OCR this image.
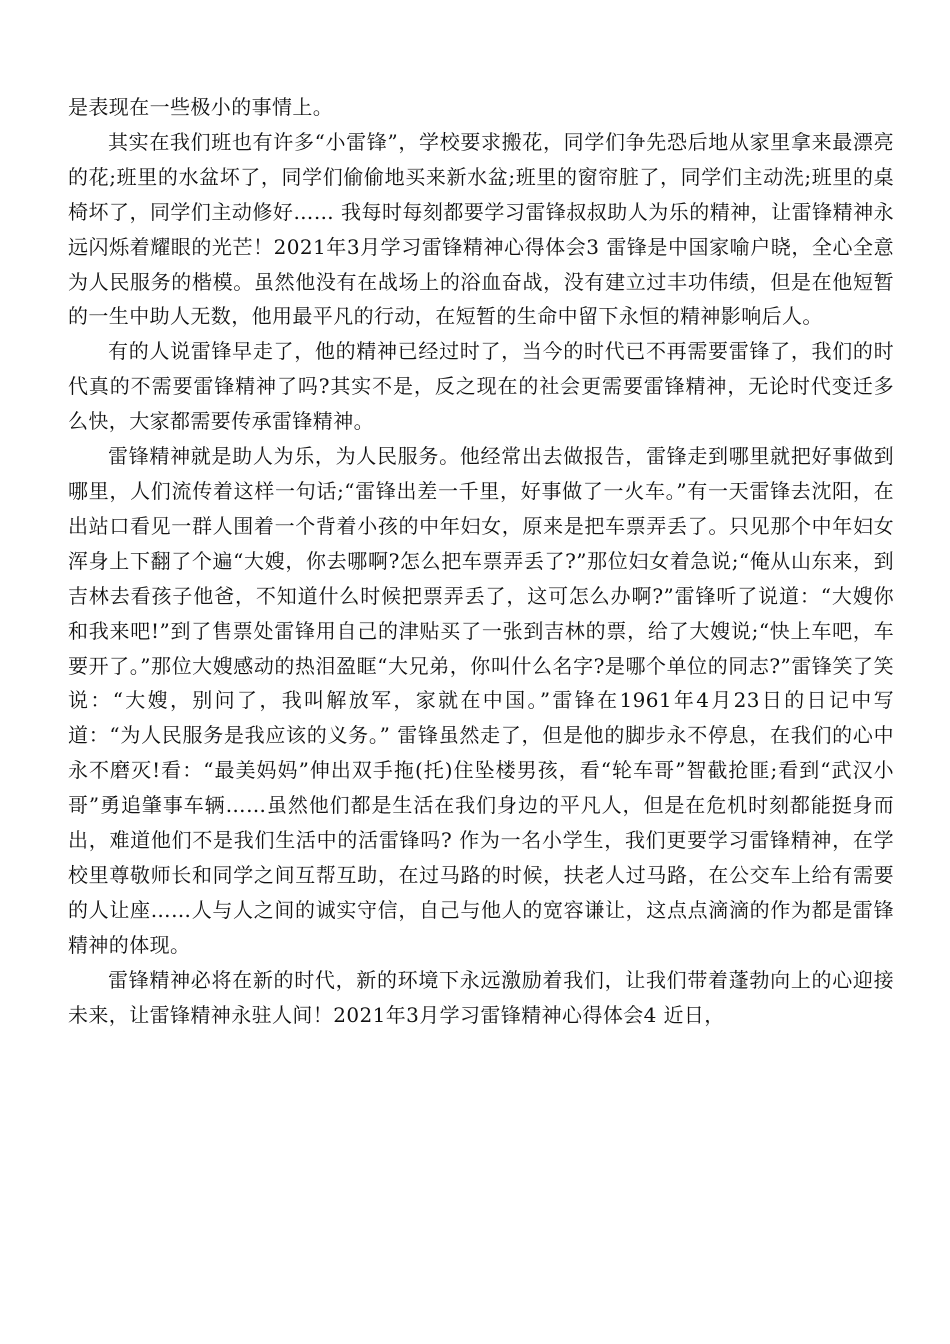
是表现在一些极小的事情上。

其实在我们班也有许多“小雷锋”，学校要求搬花，同学们争先恐后地从家里拿来最漂亮的花;班里的水盆坏了，同学们偷偷地买来新水盆;班里的窗帘脏了，同学们主动洗;班里的桌椅坏了，同学们主动修好…… 我每时每刻都要学习雷锋叔叔助人为乐的精神，让雷锋精神永远闪烁着耀眼的光芒！2021年3月学习雷锋精神心得体会3 雷锋是中国家喻户晓，全心全意为人民服务的楷模。虽然他没有在战场上的浴血奋战，没有建立过丰功伟绩，但是在他短暂的一生中助人无数，他用最平凡的行动，在短暂的生命中留下永恒的精神影响后人。

有的人说雷锋早走了，他的精神已经过时了，当今的时代已不再需要雷锋了，我们的时代真的不需要雷锋精神了吗?其实不是，反之现在的社会更需要雷锋精神，无论时代变迁多么快，大家都需要传承雷锋精神。

雷锋精神就是助人为乐，为人民服务。他经常出去做报告，雷锋走到哪里就把好事做到哪里，人们流传着这样一句话;“雷锋出差一千里，好事做了一火车。”有一天雷锋去沈阳，在出站口看见一群人围着一个背着小孩的中年妇女，原来是把车票弄丢了。只见那个中年妇女浑身上下翻了个遍“大嫂，你去哪啊?怎么把车票弄丢了?”那位妇女着急说;“俺从山东来，到吉林去看孩子他爸，不知道什么时候把票弄丢了，这可怎么办啊?”雷锋听了说道：“大嫂你和我来吧!”到了售票处雷锋用自己的津贴买了一张到吉林的票，给了大嫂说;“快上车吧，车要开了。”那位大嫂感动的热泪盈眶“大兄弟，你叫什么名字?是哪个单位的同志?”雷锋笑了笑说：“大嫂，别问了，我叫解放军，家就在中国。”雷锋在1961年4月23日的日记中写道：“为人民服务是我应该的义务。” 雷锋虽然走了，但是他的脚步永不停息，在我们的心中永不磨灭!看：“最美妈妈”伸出双手拖(托)住坠楼男孩，看“轮车哥”智截抢匪;看到“武汉小哥”勇追肇事车辆……虽然他们都是生活在我们身边的平凡人，但是在危机时刻都能挺身而出，难道他们不是我们生活中的活雷锋吗? 作为一名小学生，我们更要学习雷锋精神，在学校里尊敬师长和同学之间互帮互助，在过马路的时候，扶老人过马路，在公交车上给有需要的人让座……人与人之间的诚实守信，自己与他人的宽容谦让，这点点滴滴的作为都是雷锋精神的体现。

雷锋精神必将在新的时代，新的环境下永远激励着我们，让我们带着蓬勃向上的心迎接未来，让雷锋精神永驻人间！2021年3月学习雷锋精神心得体会4 近日，
